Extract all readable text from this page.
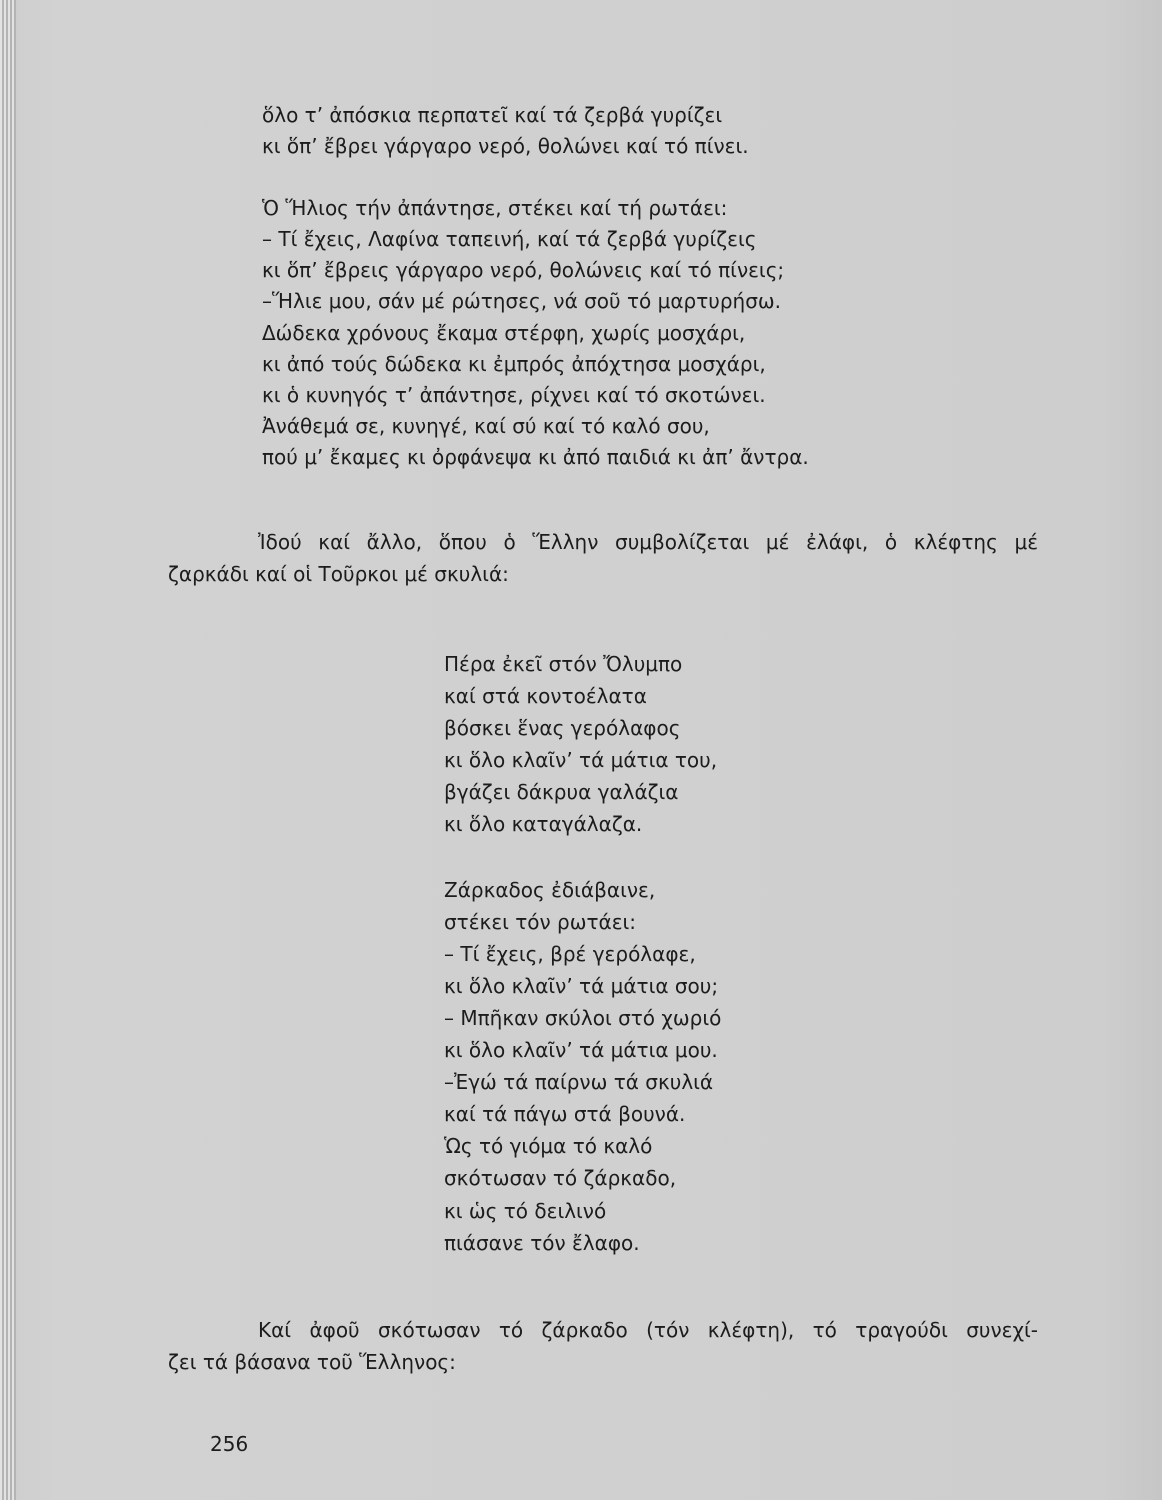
ὅλο τ’ ἀπόσκια περπατεῖ καί τά ζερβά γυρίζει
κι ὅπ’ ἔβρει γάργαρο νερό, θολώνει καί τό πίνει.
Ὁ Ἥλιος τήν ἀπάντησε, στέκει καί τή ρωτάει:
– Τί ἔχεις, Λαφίνα ταπεινή, καί τά ζερβά γυρίζεις
κι ὅπ’ ἔβρεις γάργαρο νερό, θολώνεις καί τό πίνεις;
–Ἥλιε μου, σάν μέ ρώτησες, νά σοῦ τό μαρτυρήσω.
Δώδεκα χρόνους ἔκαμα στέρφη, χωρίς μοσχάρι,
κι ἀπό τούς δώδεκα κι ἐμπρός ἀπόχτησα μοσχάρι,
κι ὁ κυνηγός τ’ ἀπάντησε, ρίχνει καί τό σκοτώνει.
Ἀνάθεμά σε, κυνηγέ, καί σύ καί τό καλό σου,
πού μ’ ἔκαμες κι ὀρφάνεψα κι ἀπό παιδιά κι ἀπ’ ἄντρα.
Ἰδού καί ἄλλο, ὅπου ὁ Ἕλλην συμβολίζεται μέ ἐλάφι, ὁ κλέφτης μέ
ζαρκάδι καί οἱ Τοῦρκοι μέ σκυλιά:
Πέρα ἐκεῖ στόν Ὄλυμπο
καί στά κοντοέλατα
βόσκει ἕνας γερόλαφος
κι ὅλο κλαῖν’ τά μάτια του,
βγάζει δάκρυα γαλάζια
κι ὅλο καταγάλαζα.
Ζάρκαδος ἐδιάβαινε,
στέκει τόν ρωτάει:
– Τί ἔχεις, βρέ γερόλαφε,
κι ὅλο κλαῖν’ τά μάτια σου;
– Μπῆκαν σκύλοι στό χωριό
κι ὅλο κλαῖν’ τά μάτια μου.
–Ἐγώ τά παίρνω τά σκυλιά
καί τά πάγω στά βουνά.
Ὡς τό γιόμα τό καλό
σκότωσαν τό ζάρκαδο,
κι ὡς τό δειλινό
πιάσανε τόν ἔλαφο.
Καί ἀφοῦ σκότωσαν τό ζάρκαδο (τόν κλέφτη), τό τραγούδι συνεχί-
ζει τά βάσανα τοῦ Ἕλληνος:
256
